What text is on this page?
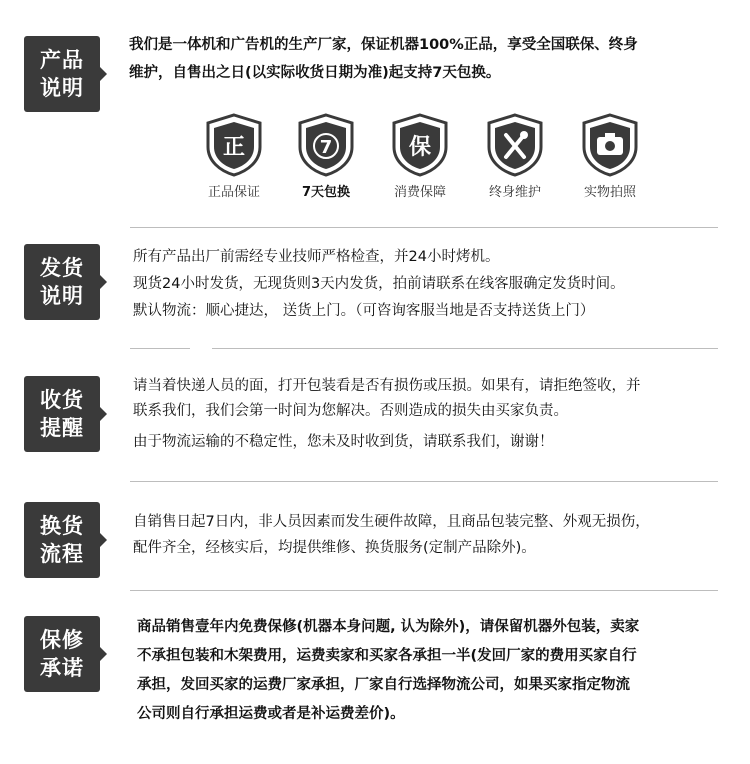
产品
说明
我们是一体机和广告机的生产厂家，保证机器100%正品，享受全国联保、终身
维护，自售出之日(以实际收货日期为准)起支持7天包换。
正
正品保证
7
7天包换
保
消费保障	终身维护	实物拍照
发货
说明
所有产品出厂前需经专业技师严格检查，并24小时烤机。
现货24小时发货，无现货则3天内发货，拍前请联系在线客服确定发货时间。
默认物流：顺心捷达， 送货上门。（可咨询客服当地是否支持送货上门）
收货
提醒
请当着快递人员的面，打开包装看是否有损伤或压损。如果有，请拒绝签收，并
联系我们，我们会第一时间为您解决。否则造成的损失由买家负责。
由于物流运输的不稳定性，您未及时收到货，请联系我们，谢谢！
换货
流程
自销售日起7日内，非人员因素而发生硬件故障，且商品包装完整、外观无损伤，
配件齐全，经核实后，均提供维修、换货服务(定制产品除外)。
保修
承诺
商品销售壹年内免费保修(机器本身问题, 认为除外)，请保留机器外包装，卖家
不承担包装和木架费用，运费卖家和买家各承担一半(发回厂家的费用买家自行
承担，发回买家的运费厂家承担，厂家自行选择物流公司，如果买家指定物流
公司则自行承担运费或者是补运费差价)。
